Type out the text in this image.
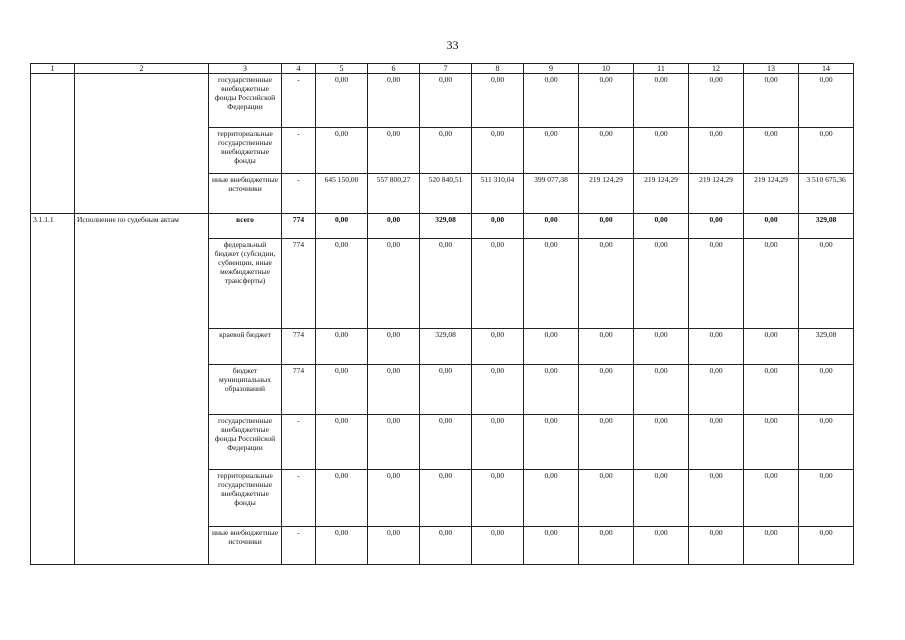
33
1	2	3	4	5	6	7	8	9	10	11	12	13	14
		государственные внебюджетные фонды Российской Федерации	-	0,00	0,00	0,00	0,00	0,00	0,00	0,00	0,00	0,00	0,00
		территориальные государственные внебюджетные фонды	-	0,00	0,00	0,00	0,00	0,00	0,00	0,00	0,00	0,00	0,00
		иные внебюджетные источники	-	645 150,00	557 800,27	520 840,51	511 310,04	399 077,38	219 124,29	219 124,29	219 124,29	219 124,29	3 510 675,36
3.1.1.1	Исполнение по судебным актам	всего	774	0,00	0,00	329,08	0,00	0,00	0,00	0,00	0,00	0,00	329,08
		федеральный бюджет (субсидии, субвенции, иные межбюджетные трансферты)	774	0,00	0,00	0,00	0,00	0,00	0,00	0,00	0,00	0,00	0,00
		краевой бюджет	774	0,00	0,00	329,08	0,00	0,00	0,00	0,00	0,00	0,00	329,08
		бюджет муниципальных образований	774	0,00	0,00	0,00	0,00	0,00	0,00	0,00	0,00	0,00	0,00
		государственные внебюджетные фонды Российской Федерации	-	0,00	0,00	0,00	0,00	0,00	0,00	0,00	0,00	0,00	0,00
		территориальные государственные внебюджетные фонды	-	0,00	0,00	0,00	0,00	0,00	0,00	0,00	0,00	0,00	0,00
		иные внебюджетные источники	-	0,00	0,00	0,00	0,00	0,00	0,00	0,00	0,00	0,00	0,00
